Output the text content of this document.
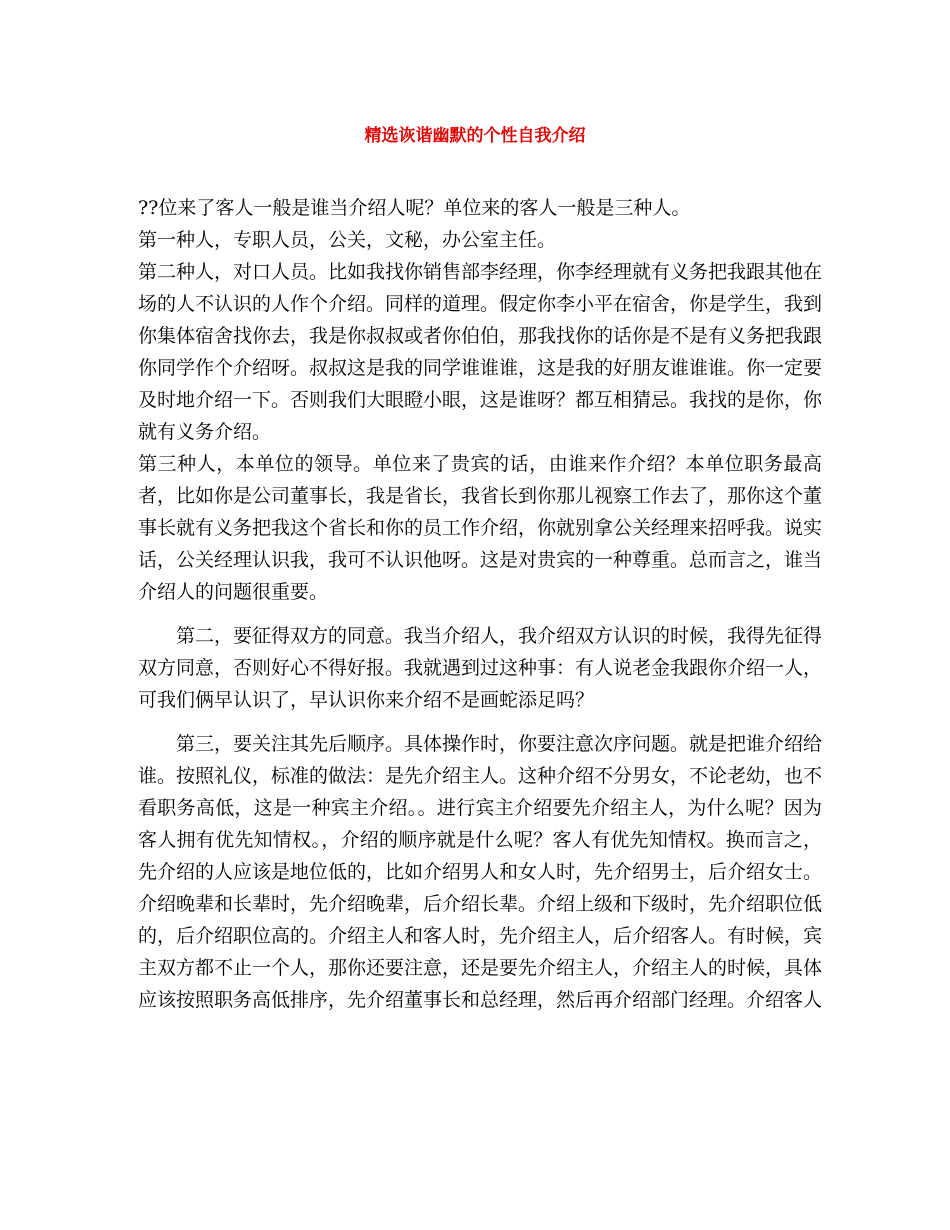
精选诙谐幽默的个性自我介绍

??位来了客人一般是谁当介绍人呢？单位来的客人一般是三种人。

第一种人，专职人员，公关，文秘，办公室主任。

第二种人，对口人员。比如我找你销售部李经理，你李经理就有义务把我跟其他在场的人不认识的人作个介绍。同样的道理。假定你李小平在宿舍，你是学生，我到你集体宿舍找你去，我是你叔叔或者你伯伯，那我找你的话你是不是有义务把我跟你同学作个介绍呀。叔叔这是我的同学谁谁谁，这是我的好朋友谁谁谁。你一定要及时地介绍一下。否则我们大眼瞪小眼，这是谁呀？都互相猜忌。我找的是你，你就有义务介绍。

第三种人，本单位的领导。单位来了贵宾的话，由谁来作介绍？本单位职务最高者，比如你是公司董事长，我是省长，我省长到你那儿视察工作去了，那你这个董事长就有义务把我这个省长和你的员工作介绍，你就别拿公关经理来招呼我。说实话，公关经理认识我，我可不认识他呀。这是对贵宾的一种尊重。总而言之，谁当介绍人的问题很重要。

第二，要征得双方的同意。我当介绍人，我介绍双方认识的时候，我得先征得双方同意，否则好心不得好报。我就遇到过这种事：有人说老金我跟你介绍一人，可我们俩早认识了，早认识你来介绍不是画蛇添足吗？

第三，要关注其先后顺序。具体操作时，你要注意次序问题。就是把谁介绍给谁。按照礼仪，标准的做法：是先介绍主人。这种介绍不分男女，不论老幼，也不看职务高低，这是一种宾主介绍。。进行宾主介绍要先介绍主人，为什么呢？因为客人拥有优先知情权。，介绍的顺序就是什么呢？客人有优先知情权。换而言之，先介绍的人应该是地位低的，比如介绍男人和女人时，先介绍男士，后介绍女士。介绍晚辈和长辈时，先介绍晚辈，后介绍长辈。介绍上级和下级时，先介绍职位低的，后介绍职位高的。介绍主人和客人时，先介绍主人，后介绍客人。有时候，宾主双方都不止一个人，那你还要注意，还是要先介绍主人，介绍主人的时候，具体应该按照职务高低排序，先介绍董事长和总经理，然后再介绍部门经理。介绍客人
